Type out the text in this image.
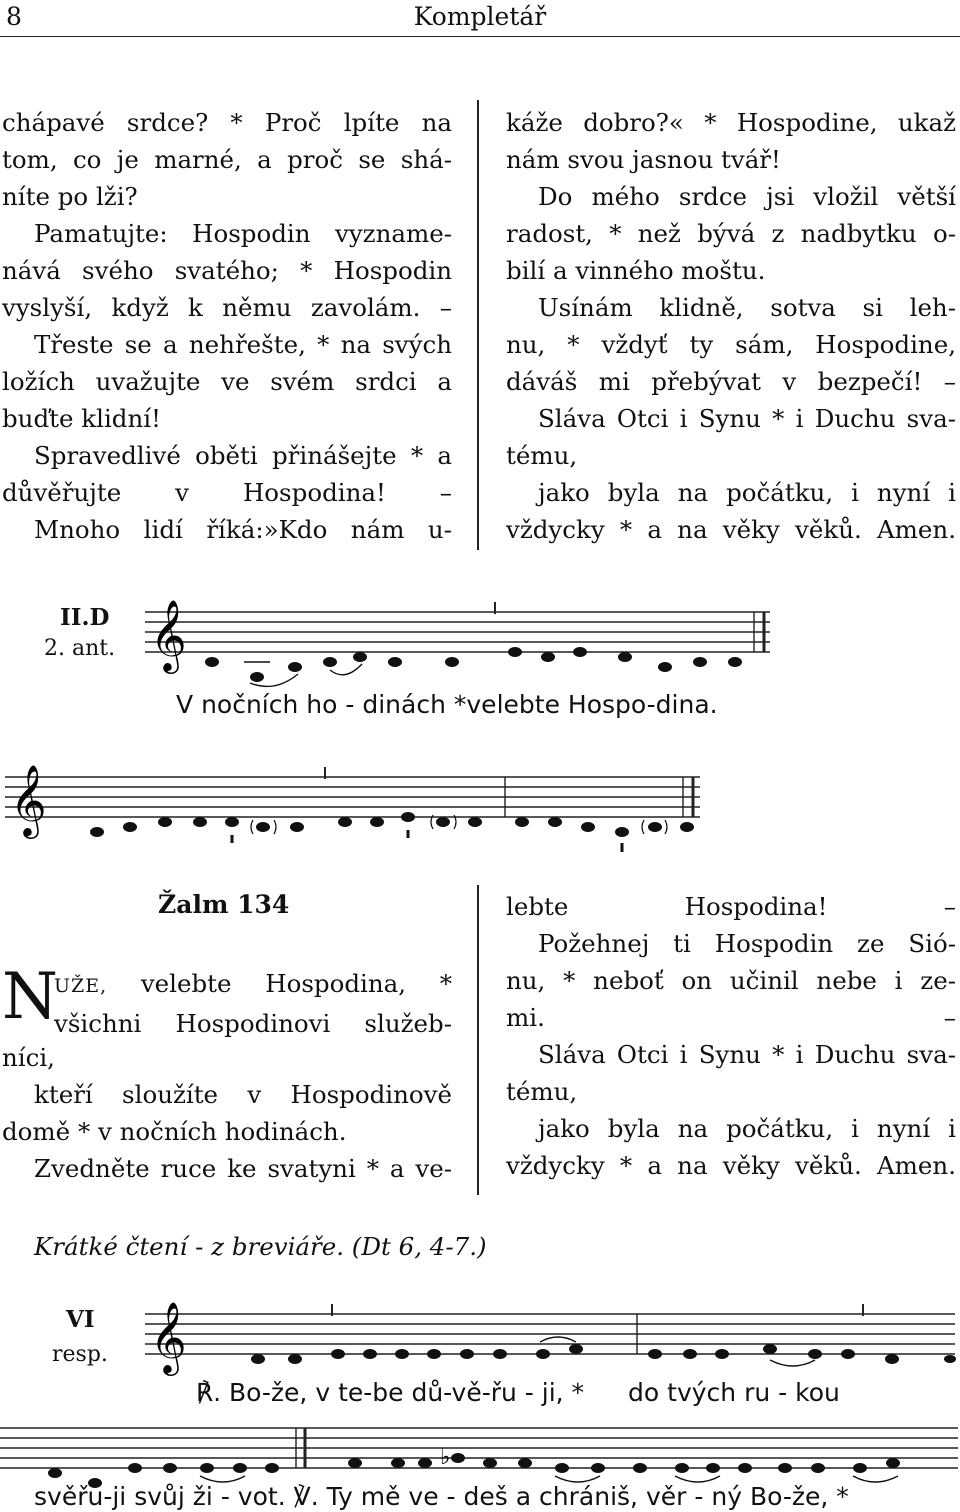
8	Kompletář

chápavé srdce? * Proč lpíte na

tom, co je marné, a proč se shá-

níte po lži?

Pamatujte: Hospodin vyzname-

nává svého svatého; * Hospodin

vyslyší, když k němu zavolám. –

Třeste se a nehřešte, * na svých

ložích uvažujte ve svém srdci a

buďte klidní!

Spravedlivé oběti přinášejte * a

důvěřujte v Hospodina! –

Mnoho lidí říká:»Kdo nám u-

káže dobro?« * Hospodine, ukaž

nám svou jasnou tvář!

Do mého srdce jsi vložil větší

radost, * než bývá z nadbytku o-

bilí a vinného moštu.

Usínám klidně, sotva si leh-

nu, * vždyť ty sám, Hospodine,

dáváš mi přebývat v bezpečí! –

Sláva Otci i Synu * i Duchu sva-

tému,

jako byla na počátku, i nyní i

vždycky * a na věky věků. Amen.

II.D
2. ant. 𝄞
V nočních ho - dinách *velebte Hospo-dina.
𝄞
Žalm 134
N
UŽE, velebte Hospodina, *
všichni Hospodinovi služeb-

níci,

kteří sloužíte v Hospodinově

domě * v nočních hodinách.

Zvedněte ruce ke svatyni * a ve-

lebte Hospodina! –

Požehnej ti Hospodin ze Sió-

nu, * neboť on učinil nebe i ze-

mi. –

Sláva Otci i Synu * i Duchu sva-

tému,

jako byla na počátku, i nyní i

vždycky * a na věky věků. Amen.

Krátké čtení - z breviáře. (Dt 6, 4-7.)
VI
resp. 𝄞
℟. Bo-že, v te-be dů-vě-řu - ji, * do tvých ru - kou
♭
svěřu-ji svůj ži - vot. ℣. Ty mě ve - deš a chrániš, věr - ný Bo-že, *
